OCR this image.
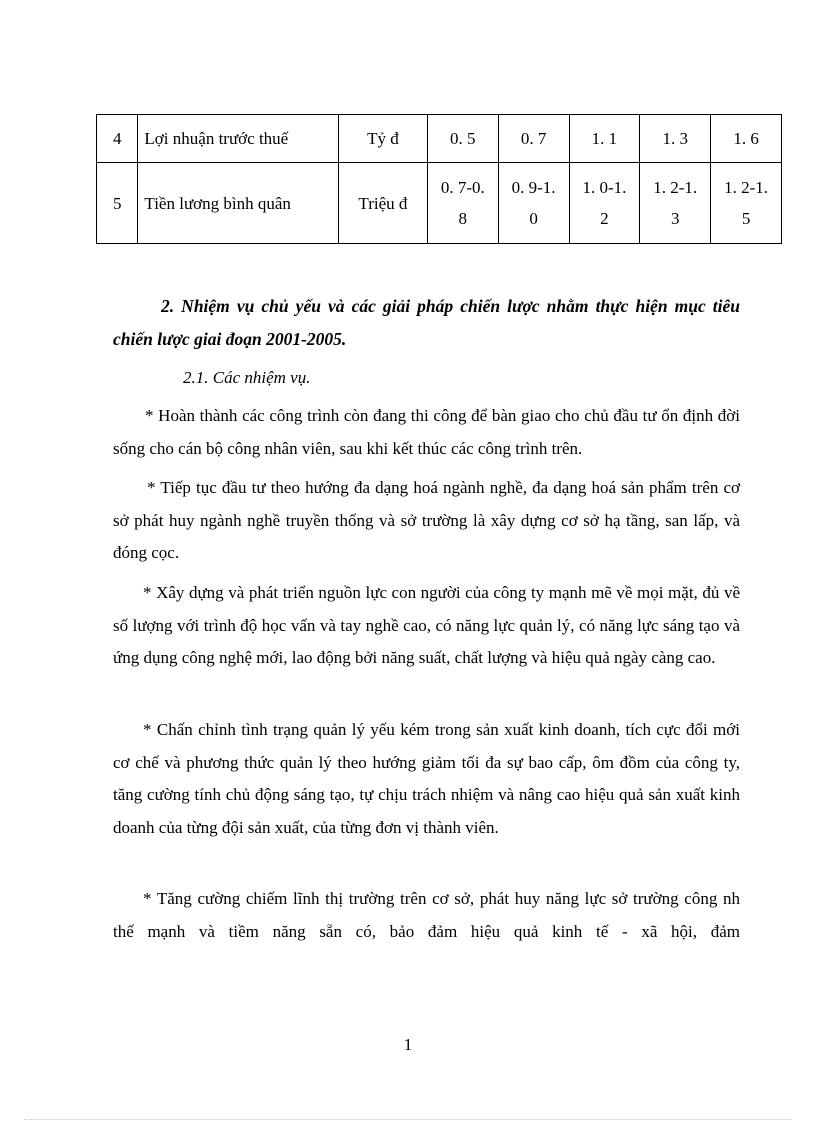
4	Lợi nhuận trước thuế	Tỷ đ	0. 5	0. 7	1. 1	1. 3	1. 6
5	Tiền lương bình quân	Triệu đ	0. 7-0. 8	0. 9-1. 0	1. 0-1. 2	1. 2-1. 3	1. 2-1. 5
2. Nhiệm vụ chủ yếu và các giải pháp chiến lược nhằm thực hiện mục tiêu chiến lược giai đoạn 2001-2005.
2.1. Các nhiệm vụ.

* Hoàn thành các công trình còn đang thi công để bàn giao cho chủ đầu tư ổn định đời sống cho cán bộ công nhân viên, sau khi kết thúc các công trình trên.

* Tiếp tục đầu tư theo hướng đa dạng hoá ngành nghề, đa dạng hoá sản phẩm trên cơ sở phát huy ngành nghề truyền thống và sở trường là xây dựng cơ sở hạ tầng, san lấp, và đóng cọc.

* Xây dựng và phát triển nguồn lực con người của công ty mạnh mẽ về mọi mặt, đủ về số lượng với trình độ học vấn và tay nghề cao, có năng lực quản lý, có năng lực sáng tạo và ứng dụng công nghệ mới, lao động bởi năng suất, chất lượng và hiệu quả ngày càng cao.

* Chấn chỉnh tình trạng quản lý yếu kém trong sản xuất kinh doanh, tích cực đổi mới cơ chế và phương thức quản lý theo hướng giảm tối đa sự bao cấp, ôm đồm của công ty, tăng cường tính chủ động sáng tạo, tự chịu trách nhiệm và nâng cao hiệu quả sản xuất kinh doanh của từng đội sản xuất, của từng đơn vị thành viên.

* Tăng cường chiếm lĩnh thị trường trên cơ sở, phát huy năng lực sở trường công nh thế mạnh và tiềm năng sẵn có, bảo đảm hiệu quả kinh tế - xã hội, đảm

1
